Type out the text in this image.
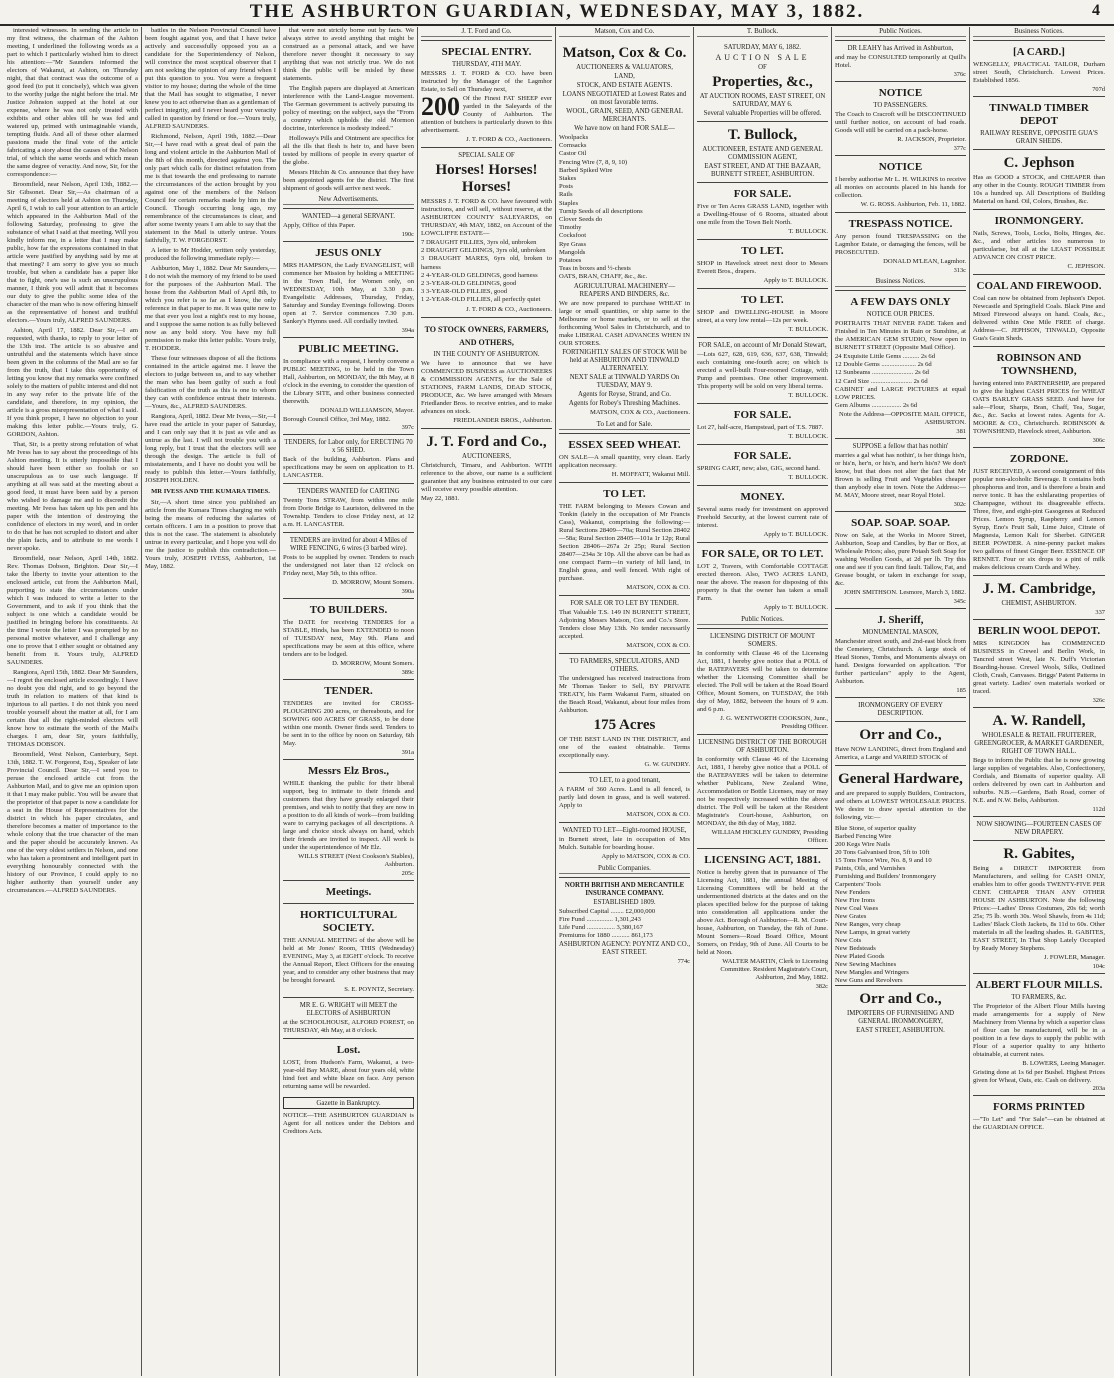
THE ASHBURTON GUARDIAN, WEDNESDAY, MAY 3, 1882.	4

interested witnesses. In sending the article to my first witness, the chairman of the Ashton meeting, I underlined the following words as a part to which I particularly wished him to direct his attention:—"Mr Saunders informed the electors of Wakanui, at Ashton, on Thursday night, that that contract was the outcome of a good feed (to put it concisely), which was given to the worthy judge the night before the trial. Mr Justice Johnston supped at the hotel at our expense, where he was not only treated with exhibits and other ables till he was fed and watered up, primed with unimaginable viands, tempting fluids. And all of these other alarmed passions made the final vote of the article fabricating a story about the causes of the Nelson trial, of which the same words and which mean the same degree of veracity. And now, Sir, for the correspondence:—

Broomfield, near Nelson, April 13th, 1882.—Sir Gibsonet. Dear Sir,—As chairman of a meeting of electors held at Ashton on Thursday, April 6, I wish to call your attention to an article which appeared in the Ashburton Mail of the following Saturday, professing to give the substance of what I said at that meeting. Will you kindly inform me, in a letter that I may make public, how far the expressions contained in that article were justified by anything said by me at that meeting? I am sorry to give you so much trouble, but when a candidate has a paper like that to fight, one's use is such an unscrupulous manner, I think you will admit that it becomes our duty to give the public some idea of the character of the man who is now offering himself as the representative of honest and truthful electors.—Yours truly, ALFRED SAUNDERS.

Ashton, April 17, 1882. Dear Sir,—I am requested, with thanks, to reply to your letter of the 13th inst. The article is so abusive and untruthful and the statements which have since been given in the columns of the Mail are so far from the truth, that I take this opportunity of letting you know that my remarks were confined solely to the matters of public interest and did not in any way refer to the private life of the candidate, and therefore, in my opinion, the article is a gross misrepresentation of what I said. If you think proper, I have no objection to your making this letter public.—Yours truly, G. GORDON, Ashton.

That, Sir, is a pretty strong refutation of what Mr Ivess has to say about the proceedings of his Ashton meeting. It is utterly impossible that I should have been either so foolish or so unscrupulous as to use such language. If anything at all was said at the meeting about a good feed, it must have been said by a person who wished to damage me and to discredit the meeting. Mr Ivess has taken up his pen and his paper with the intention of destroying the confidence of electors in my word, and in order to do that he has not scrupled to distort and alter the plain facts, and to attribute to me words I never spoke.

Broomfield, near Nelson, April 14th, 1882. Rev. Thomas Dobson, Brighton. Dear Sir,—I take the liberty to invite your attention to the enclosed article, cut from the Ashburton Mail, purporting to state the circumstances under which I was induced to write a letter to the Government, and to ask if you think that the subject is one which a candidate would be justified in bringing before his constituents. At the time I wrote the letter I was prompted by no personal motive whatever, and I challenge any one to prove that I either sought or obtained any benefit from it. Yours truly, ALFRED SAUNDERS.

Rangiora, April 15th, 1882. Dear Mr Saunders,—I regret the enclosed article exceedingly. I have no doubt you did right, and to go beyond the truth in relation to matters of that kind is injurious to all parties. I do not think you need trouble yourself about the matter at all, for I am certain that all the right-minded electors will know how to estimate the worth of the Mail's charges. I am, dear Sir, yours faithfully, THOMAS DOBSON.

Broomfield, West Nelson, Canterbury, Sept. 13th, 1882. T. W. Forgeorst, Esq., Speaker of late Provincial Council. Dear Sir,—I send you to peruse the enclosed article cut from the Ashburton Mail, and to give me an opinion upon it that I may make public. You will be aware that the proprietor of that paper is now a candidate for a seat in the House of Representatives for the district in which his paper circulates, and therefore becomes a matter of importance to the whole colony that the true character of the man and the paper should be accurately known. As one of the very oldest settlers in Nelson, and one who has taken a prominent and intelligent part in everything honourably connected with the history of our Province, I could apply to no higher authority than yourself under any circumstances.—ALFRED SAUNDERS.

battles in the Nelson Provincial Council have been fought against you, and that I have twice actively and successfully opposed you as a candidate for the Superintendency of Nelson, will convince the most sceptical observer that I am not seeking the opinion of any friend when I put this question to you. You were a frequent visitor to my house; during the whole of the time that the Mail has sought to stigmatise, I never knew you to act otherwise than as a gentleman of perfect integrity, and I never heard your veracity called in question by friend or foe.—Yours truly, ALFRED SAUNDERS.

Richmond, Nelson, April 19th, 1882.—Dear Sir,—I have read with a great deal of pain the long and violent article in the Ashburton Mail of the 8th of this month, directed against you. The only part which calls for distinct refutation from me is that towards the end professing to narrate the circumstances of the action brought by you against one of the members of the Nelson Council for certain remarks made by him in the Council. Though occurring long ago, my remembrance of the circumstances is clear, and after some twenty years I am able to say that the statement in the Mail is utterly untrue. Yours faithfully, T. W. FORGEORST.

A letter to Mr Hodder, written only yesterday, produced the following immediate reply:—

Ashburton, May 1, 1882. Dear Mr Saunders,—I do not wish the memory of my friend to be used for the purposes of the Ashburton Mail. The house from the Ashburton Mail of April 8th, to which you refer is so far as I know, the only reference in that paper to me. It was quite new to me that ever you lost a night's rest to my house, and I suppose the same notion is as fully believed now as any bold story. You have my full permission to make this letter public. Yours truly, T. HODDER.

These four witnesses dispose of all the fictions contained in the article against me. I leave the electors to judge between us, and to say whether the man who has been guilty of such a foul falsification of the truth as this is one to whom they can with confidence entrust their interests.—Yours, &c., ALFRED SAUNDERS.

Rangiora, April, 1882. Dear Mr Ivess,—Sir,—I have read the article in your paper of Saturday, and I can only say that it is just as vile and as untrue as the last. I will not trouble you with a long reply, but I trust that the electors will see through the design. The article is full of misstatements, and I have no doubt you will be ready to publish this letter.—Yours faithfully, JOSEPH HOLDEN.

MR IVESS AND THE KUMARA TIMES.

Sir,—A short time since you published an article from the Kumara Times charging me with being the means of reducing the salaries of certain officers. I am in a position to prove that this is not the case. The statement is absolutely untrue in every particular, and I hope you will do me the justice to publish this contradiction.—Yours truly, JOSEPH IVESS, Ashburton, 1st May, 1882.

that were not strictly borne out by facts. We always strive to avoid anything that might be construed as a personal attack, and we have therefore never thought it necessary to say anything that was not strictly true. We do not think the public will be misled by these statements.

The English papers are displayed at American interference with the Land-League movement. The German government is actively pursuing its policy of meeting; on the subject, says the "From a country which upholds the old Mormon doctrine, interference is modesty indeed."

Holloway's Pills and Ointment are specifics for all the ills that flesh is heir to, and have been tested by millions of people in every quarter of the globe.

Messrs Hitchin & Co. announce that they have been appointed agents for the district. The first shipment of goods will arrive next week.

New Advertisements.
WANTED—a general SERVANT.
Apply, Office of this Paper.
190c
JESUS ONLY
MRS HAMPSON, the Lady EVANGELIST, will commence her Mission by holding a MEETING in the Town Hall, for Women only, on WEDNESDAY, 10th May, at 3.30 p.m. Evangelistic Addresses, Thursday, Friday, Saturday and Sunday Evenings following. Doors open at 7. Service commences 7.30 p.m. Sankey's Hymns used. All cordially invited.
394a
PUBLIC MEETING.
In compliance with a request, I hereby convene a PUBLIC MEETING, to be held in the Town Hall, Ashburton, on MONDAY, the 8th May, at 8 o'clock in the evening, to consider the question of the Library SITE, and other business connected therewith.
DONALD WILLIAMSON, Mayor.
Borough Council Office, 3rd May, 1882.
397c
TENDERS, for Labor only, for ERECTING 70 x 56 SHED.
Back of the building, Ashburton. Plans and specifications may be seen on application to H. LANCASTER.
TENDERS WANTED for CARTING
Twenty Tons STRAW, from within one mile from Dorie Bridge to Lauriston, delivered in the Township. Tenders to close Friday next, at 12 a.m. H. LANCASTER.
TENDERS are invited for about 4 Miles of WIRE FENCING, 6 wires (3 barbed wire).
Posts to be supplied by owner. Tenders to reach the undersigned not later than 12 o'clock on Friday next, May 5th, to this office.
D. MORROW, Mount Somers.
390a
TO BUILDERS.
The DATE for receiving TENDERS for a STABLE, Hinds, has been EXTENDED to noon of TUESDAY next, May 9th. Plans and specifications may be seen at this office, where tenders are to be lodged.
D. MORROW, Mount Somers.
389c
TENDER.
TENDERS are invited for CROSS-PLOUGHING 200 acres, or thereabouts, and for SOWING 600 ACRES OF GRASS, to be done within one month. Owner finds seed. Tenders to be sent in to the office by noon on Saturday, 6th May.
391a
Messrs Elz Bros.,
WHILE thanking the public for their liberal support, beg to intimate to their friends and customers that they have greatly enlarged their premises, and wish to notify that they are now in a position to do all kinds of work—from building ware to carrying packages of all descriptions. A large and choice stock always on hand, which their friends are invited to inspect. All work is under the superintendence of Mr Elz.
WILLS STREET (Next Cookson's Stables), Ashburton.
205c
Meetings.
HORTICULTURAL SOCIETY.
THE ANNUAL MEETING of the above will be held at Mr Jones' Room, THIS (Wednesday) EVENING, May 3, at EIGHT o'clock. To receive the Annual Report, Elect Officers for the ensuing year, and to consider any other business that may be brought forward.
S. E. POYNTZ, Secretary.
MR E. G. WRIGHT will MEET the ELECTORS of ASHBURTON
at the SCHOOLHOUSE, ALFORD FOREST, on THURSDAY, 4th May, at 8 o'clock.
Lost.
LOST, from Hudson's Farm, Wakanui, a two-year-old Bay MARE, about four years old, white hind feet and white blaze on face. Any person returning same will be rewarded.
Gazette in Bankruptcy.
NOTICE—THE ASHBURTON GUARDIAN is Agent for all notices under the Debtors and Creditors Acts.
J. T. Ford and Co.
SPECIAL ENTRY.
THURSDAY, 4TH MAY.
MESSRS J. T. FORD & CO. have been instructed by the Manager of the Lagmhor Estate, to Sell on Thursday next,
200 Of the Finest FAT SHEEP ever yarded in the Saleyards of the County of Ashburton. The attention of butchers is particularly drawn to this advertisement.
J. T. FORD & CO., Auctioneers.
SPECIAL SALE OF
Horses! Horses! Horses!
MESSRS J. T. FORD & CO. have favoured with instructions, and will sell, without reserve, at the ASHBURTON COUNTY SALEYARDS, on THURSDAY, 4th MAY, 1882, on Account of the LOWCLIFFE ESTATE—
7 DRAUGHT FILLIES, 3yrs old, unbroken
2 DRAUGHT GELDINGS, 3yrs old, unbroken
3 DRAUGHT MARES, 6yrs old, broken to harness
2 4-YEAR-OLD GELDINGS, good harness
2 3-YEAR-OLD GELDINGS, good
3 3-YEAR-OLD FILLIES, good
1 2-YEAR-OLD FILLIES, all perfectly quiet
J. T. FORD & CO., Auctioneers.
TO STOCK OWNERS, FARMERS, AND OTHERS,
IN THE COUNTY OF ASHBURTON.
We have to announce that we have COMMENCED BUSINESS as AUCTIONEERS & COMMISSION AGENTS, for the Sale of STATIONS, FARM LANDS, DEAD STOCK, PRODUCE, &c. We have arranged with Messrs Friedlander Bros. to receive entries, and to make advances on stock.
FRIEDLANDER BROS., Ashburton.
J. T. Ford and Co.,
AUCTIONEERS,
Christchurch, Timaru, and Ashburton. WITH reference to the above, our name is a sufficient guarantee that any business entrusted to our care will receive every possible attention.
May 22, 1881.
Matson, Cox and Co.
Matson, Cox & Co.
AUCTIONEERS & VALUATORS,
LAND,
STOCK, AND ESTATE AGENTS.
LOANS NEGOTIATED at Lowest Rates and on most favorable terms.
WOOL, GRAIN, SEED, AND GENERAL MERCHANTS.
We have now on hand FOR SALE—
Woolpacks
Cornsacks
Castor Oil
Fencing Wire (7, 8, 9, 10)
Barbed Spiked Wire
Stakes
Posts
Rails
Staples
Turnip Seeds of all descriptions
Clover Seeds do
Timothy
Cocksfoot
Rye Grass
Mangolds
Potatoes
Teas in boxes and ½-chests
OATS, BRAN, CHAFF, &c., &c.
AGRICULTURAL MACHINERY—REAPERS AND BINDERS, &c.
We are now prepared to purchase WHEAT in large or small quantities, or ship same to the Melbourne or home markets, or to sell at the forthcoming Wool Sales in Christchurch, and to make LIBERAL CASH ADVANCES WHEN IN OUR STORES.
FORTNIGHTLY SALES OF STOCK Will be held at ASHBURTON AND TINWALD ALTERNATELY.
NEXT SALE at TINWALD YARDS On TUESDAY, MAY 9.
Agents for Reyse, Strand, and Co.
Agents for Robey's Threshing Machines.
MATSON, COX & CO., Auctioneers.
To Let and for Sale.
ESSEX SEED WHEAT.
ON SALE—A small quantity, very clean. Early application necessary.
H. MOFFATT, Wakanui Mill.
TO LET.
THE FARM belonging to Messrs Cowan and Tonkin (lately in the occupation of Mr Francis Cass), Wakanui, comprising the following:—Rural Sections 28409—70a; Rural Section 28402—58a; Rural Section 28405—101a 1r 12p; Rural Section 28406—267a 2r 25p; Rural Section 28407—234a 3r 10p. All the above can be had as one compact Farm—in variety of hill land, in English grass, and well fenced. With right of purchase.
MATSON, COX & CO.
FOR SALE OR TO LET BY TENDER.
That Valuable T.S. 149 IN BURNETT STREET, Adjoining Messrs Matson, Cox and Co.'s Store. Tenders close May 13th. No tender necessarily accepted.
MATSON, COX & CO.
TO FARMERS, SPECULATORS, AND OTHERS.
The undersigned has received instructions from Mr Thomas Tasker to Sell, BY PRIVATE TREATY, his Farm Wakanui Farm, situated on the Beach Road, Wakanui, about four miles from Ashburton.
175 Acres
OF THE BEST LAND IN THE DISTRICT, and one of the easiest obtainable. Terms exceptionally easy.
G. W. GUNDRY.
TO LET, to a good tenant,
A FARM of 360 Acres. Land is all fenced, is partly laid down in grass, and is well watered. Apply to
MATSON, COX & CO.
WANTED TO LET—Eight-roomed HOUSE,
in Burnett street, late in occupation of Mrs Mulch. Suitable for boarding house.
Apply to MATSON, COX & CO.
Public Companies.
NORTH BRITISH AND MERCANTILE INSURANCE COMPANY.
ESTABLISHED 1809.
Subscribed Capital ........ £2,000,000
Fire Fund ................ 1,301,243
Life Fund ................. 3,380,167
Premiums for 1880 ........... 861,173
ASHBURTON AGENCY: POYNTZ AND CO., EAST STREET.
774c
T. Bullock.
SATURDAY, MAY 6, 1882.
AUCTION SALE
OF
Properties, &c.,
AT AUCTION ROOMS, EAST STREET, ON SATURDAY, MAY 6.
Several valuable Properties will be offered.
T. Bullock,
AUCTIONEER, ESTATE AND GENERAL COMMISSION AGENT,
EAST STREET, AND AT THE BAZAAR, BURNETT STREET, ASHBURTON.
FOR SALE.
Five or Ten Acres GRASS LAND, together with a Dwelling-House of 6 Rooms, situated about one mile from the Town Belt North.
T. BULLOCK.
TO LET.
SHOP in Havelock street next door to Messrs Everett Bros., drapers.
Apply to T. BULLOCK.
TO LET.
SHOP and DWELLING-HOUSE in Moore street, at a very low rental—12s per week.
T. BULLOCK.
FOR SALE, on account of Mr Donald Stewart,
—Lots 627, 628, 619, 636, 637, 638, Tinwald; each containing one-fourth acre; on which is erected a well-built Four-roomed Cottage, with Pump and premises. One other improvement. This property will be sold on very liberal terms.
T. BULLOCK.
FOR SALE.
Lot 27, half-acre, Hampstead, part of T.S. 7887.
T. BULLOCK.
FOR SALE.
SPRING CART, new; also, GIG, second hand.
T. BULLOCK.
MONEY.
Several sums ready for investment on approved Freehold Security, at the lowest current rate of interest.
Apply to T. BULLOCK.
FOR SALE, OR TO LET.
LOT 2, Travers, with Comfortable COTTAGE erected thereon. Also, TWO ACRES LAND, near the above. The reason for disposing of this property is that the owner has taken a small Farm.
Apply to T. BULLOCK.
Public Notices.
LICENSING DISTRICT OF MOUNT SOMERS.
In conformity with Clause 46 of the Licensing Act, 1881, I hereby give notice that a POLL of the RATEPAYERS will be taken to determine whether the Licensing Committee shall be elected. The Poll will be taken at the Road Board Office, Mount Somers, on TUESDAY, the 16th day of May, 1882, between the hours of 9 a.m. and 6 p.m.
J. G. WENTWORTH COOKSON, Junr., Presiding Officer.
LICENSING DISTRICT OF THE BOROUGH OF ASHBURTON.
In conformity with Clause 46 of the Licensing Act, 1881, I hereby give notice that a POLL of the RATEPAYERS will be taken to determine whether Publicans, New Zealand Wine, Accommodation or Bottle Licenses, may or may not be respectively increased within the above district. The Poll will be taken at the Resident Magistrate's Court-house, Ashburton, on MONDAY, the 8th day of May, 1882.
WILLIAM HICKLEY GUNDRY, Presiding Officer.
LICENSING ACT, 1881.
Notice is hereby given that in pursuance of The Licensing Act, 1881, the annual Meeting of Licensing Committees will be held at the undermentioned districts at the dates and on the places specified below for the purpose of taking into consideration all applications under the above Act. Borough of Ashburton—R. M. Court-house, Ashburton, on Tuesday, the 6th of June. Mount Somers—Road Board Office, Mount Somers, on Friday, 9th of June. All Courts to be held at Noon.
WALTER MARTIN, Clerk to Licensing Committee. Resident Magistrate's Court, Ashburton, 2nd May, 1882.
382c
Public Notices.
DR LEAHY has Arrived in Ashburton,
and may be CONSULTED temporarily at Quill's Hotel.
376c
NOTICE
TO PASSENGERS.
The Coach to Cracroft will be DISCONTINUED until further notice, on account of bad roads. Goods will still be carried on a pack-horse.
R. JACKSON, Proprietor.
377c
NOTICE
I hereby authorise Mr L. H. WILKINS to receive all monies on accounts placed in his hands for collection.
W. G. ROSS. Ashburton, Feb. 11, 1882.
TRESPASS NOTICE.
Any person found TRESPASSING on the Lagmhor Estate, or damaging the fences, will be PROSECUTED.
DONALD M'LEAN, Lagmhor.
313c
Business Notices.
A FEW DAYS ONLY
NOTICE OUR PRICES.
PORTRAITS THAT NEVER FADE Taken and Finished in Ten Minutes in Rain or Sunshine, at the AMERICAN GEM STUDIO, Now open in BURNETT STREET (Opposite Mail Office).
24 Exquisite Little Gems .......... 2s 6d
12 Double Gems ..................... 2s 6d
12 Sunbeams ......................... 2s 6d
12 Card Size ......................... 2s 6d
CABINET and LARGE PICTURES at equal LOW PRICES.
Gem Albums .................. 2s 6d
Note the Address—OPPOSITE MAIL OFFICE, ASHBURTON.
381
SUPPOSE a fellow that has nothin'
marries a gal what has nothin', is her things his'n, or his'n, her'n, or his'n, and her'n his'n? We don't know, but that does not alter the fact that Mr Brown is selling Fruit and Vegetables cheaper than anybody else in town. Note the Address:—M. MAY, Moore street, near Royal Hotel.
302c
SOAP. SOAP. SOAP.
Now on Sale, at the Works in Moore Street, Ashburton, Soap and Candles, by Bar or Box, at Wholesale Prices; also, pure Potash Soft Soap for washing Woollen Goods, at 2d per lb. Try this one and see if you can find fault. Tallow, Fat, and Grease bought, or taken in exchange for soap, &c.
JOHN SMITHSON. Lesmore, March 3, 1882.
345c
J. Sheriff,
MONUMENTAL MASON,
Manchester street south, and 2nd-east block from the Cemetery, Christchurch. A large stock of Head Stones, Tombs, and Monuments always on hand. Designs forwarded on application. "For further particulars" apply to the Agent, Ashburton.
185
IRONMONGERY OF EVERY DESCRIPTION.
Orr and Co.,
Have NOW LANDING, direct from England and America, a Large and VARIED STOCK of
General Hardware,
and are prepared to supply Builders, Contractors, and others at LOWEST WHOLESALE PRICES. We desire to draw special attention to the following, viz:—
Blue Stone, of superior quality
Barbed Fencing Wire
200 Kegs Wire Nails
20 Tons Galvanised Iron, 5ft to 10ft
15 Tons Fence Wire, No. 8, 9 and 10
Paints, Oils, and Varnishes
Furnishing and Builders' Ironmongery
Carpenters' Tools
New Fenders
New Fire Irons
New Coal Vases
New Grates
New Ranges, very cheap
New Lamps, in great variety
New Cots
New Bedsteads
New Plated Goods
New Sewing Machines
New Mangles and Wringers
New Guns and Revolvers
Orr and Co.,
IMPORTERS OF FURNISHING AND GENERAL IRONMONGERY,
EAST STREET, ASHBURTON.
Business Notices.
[A CARD.]
WENGELLY, PRACTICAL TAILOR, Durham street South, Christchurch. Lowest Prices. Established 1856.
707d
TINWALD TIMBER DEPOT
RAILWAY RESERVE, OPPOSITE GUA'S GRAIN SHEDS.
C. Jephson
Has as GOOD a STOCK, and CHEAPER than any other in the County. ROUGH TIMBER from 10s a hundred up. All Descriptions of Building Material on hand. Oil, Colors, Brushes, &c.
IRONMONGERY.
Nails, Screws, Tools, Locks, Bolts, Hinges, &c. &c., and other articles too numerous to particularise, but all at the LEAST POSSIBLE ADVANCE ON COST PRICE.
C. JEPHSON.
COAL AND FIREWOOD.
Coal can now be obtained from Jephson's Depot. Newcastle and Springfield Coals. Black Pine and Mixed Firewood always on hand. Coals, &c., delivered within One Mile FREE of charge. Address—C. JEPHSON, TINWALD, Opposite Gua's Grain Sheds.
ROBINSON AND TOWNSHEND,
having entered into PARTNERSHIP, are prepared to give the highest CASH PRICES for WHEAT OATS BARLEY GRASS SEED. And have for sale—Flour, Sharps, Bran, Chaff, Tea, Sugar, &c., &c. Sacks at lowest rates. Agents for A. MOORE & CO., Christchurch. ROBINSON & TOWNSHEND, Havelock street, Ashburton.
306c
ZORDONE.
JUST RECEIVED, A second consignment of this popular non-alcoholic Beverage. It contains both phosphorus and iron, and is therefore a brain and nerve tonic. It has the exhilarating properties of Champagne, without its disagreeable effects. Three, five, and eight-pint Gasogenes at Reduced Prices. Lemon Syrup, Raspberry and Lemon Syrup, Eno's Fruit Salt, Lime Juice, Citrate of Magnesia, Lemon Kali for Sherbet. GINGER BEER POWDER. A nine-penny packet makes two gallons of finest Ginger Beer. ESSENCE OF RENNET. Four or six drops to a pint of milk makes delicious cream Curds and Whey.
J. M. Cambridge,
CHEMIST, ASHBURTON.
337
BERLIN WOOL DEPOT.
MRS KINGDON has COMMENCED BUSINESS in Crewel and Berlin Work, in Tancred street West, late N. Duff's Victorian Boarding-house. Crewel Wools, Silks, Outlined Cloth, Crash, Canvases. Briggs' Patent Patterns in great variety. Ladies' own materials worked or traced.
326c
A. W. Randell,
WHOLESALE & RETAIL FRUITERER, GREENGROCER, & MARKET GARDENER, RIGHT OF TOWN HALL.
Begs to inform the Public that he is now growing large supplies of vegetables. Also, Confectionery, Cordials, and Bismaits of superior quality. All orders delivered by own cart in Ashburton and suburbs. N.B.—Gardens, Bath Road, corner of N.E. and N.W. Belts, Ashburton.
112d
NOW SHOWING—FOURTEEN CASES OF NEW DRAPERY.
R. Gabites,
Being a DIRECT IMPORTER from Manufacturers, and selling for CASH ONLY, enables him to offer goods TWENTY-FIVE PER CENT. CHEAPER THAN ANY OTHER HOUSE IN ASHBURTON. Note the following Prices:—Ladies' Dress Costumes, 20s 6d; worth 25s; 75 lb. worth 30s. Wool Shawls, from 4s 11d; Ladies' Black Cloth Jackets, 8s 11d to 60s. Other materials in all the leading shades. R. GABITES, EAST STREET, In That Shop Lately Occupied by Ready Money Stephens.
J. FOWLER, Manager.
104c
ALBERT FLOUR MILLS.
TO FARMERS, &c.
The Proprietor of the Albert Flour Mills having made arrangements for a supply of New Machinery from Vienna by which a superior class of flour can be manufactured, will be in a position in a few days to supply the public with Flour of a superior quality to any hitherto obtainable, at current rates.
B. LOWERS, Leeing Manager.
Gristing done at 1s 6d per Bushel. Highest Prices given for Wheat, Oats, etc. Cash on delivery.
203a
FORMS PRINTED
—"To Let" and "For Sale"—can be obtained at the GUARDIAN OFFICE.
